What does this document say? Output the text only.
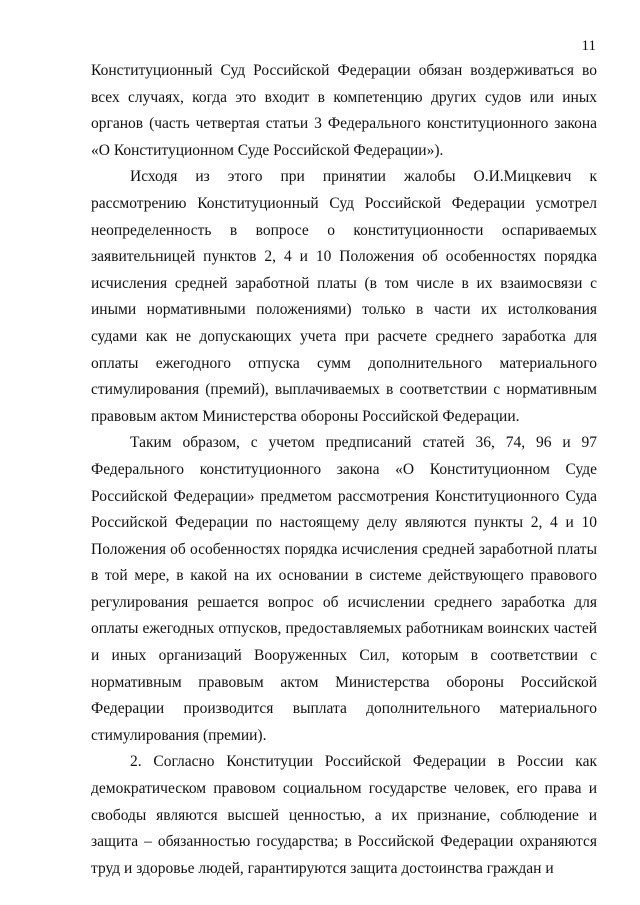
11

Конституционный Суд Российской Федерации обязан воздерживаться во всех случаях, когда это входит в компетенцию других судов или иных органов (часть четвертая статьи 3 Федерального конституционного закона «О Конституционном Суде Российской Федерации»).

Исходя из этого при принятии жалобы О.И.Мицкевич к рассмотрению Конституционный Суд Российской Федерации усмотрел неопределенность в вопросе о конституционности оспариваемых заявительницей пунктов 2, 4 и 10 Положения об особенностях порядка исчисления средней заработной платы (в том числе в их взаимосвязи с иными нормативными положениями) только в части их истолкования судами как не допускающих учета при расчете среднего заработка для оплаты ежегодного отпуска сумм дополнительного материального стимулирования (премий), выплачиваемых в соответствии с нормативным правовым актом Министерства обороны Российской Федерации.

Таким образом, с учетом предписаний статей 36, 74, 96 и 97 Федерального конституционного закона «О Конституционном Суде Российской Федерации» предметом рассмотрения Конституционного Суда Российской Федерации по настоящему делу являются пункты 2, 4 и 10 Положения об особенностях порядка исчисления средней заработной платы в той мере, в какой на их основании в системе действующего правового регулирования решается вопрос об исчислении среднего заработка для оплаты ежегодных отпусков, предоставляемых работникам воинских частей и иных организаций Вооруженных Сил, которым в соответствии с нормативным правовым актом Министерства обороны Российской Федерации производится выплата дополнительного материального стимулирования (премии).

2. Согласно Конституции Российской Федерации в России как демократическом правовом социальном государстве человек, его права и свободы являются высшей ценностью, а их признание, соблюдение и защита – обязанностью государства; в Российской Федерации охраняются труд и здоровье людей, гарантируются защита достоинства граждан и
